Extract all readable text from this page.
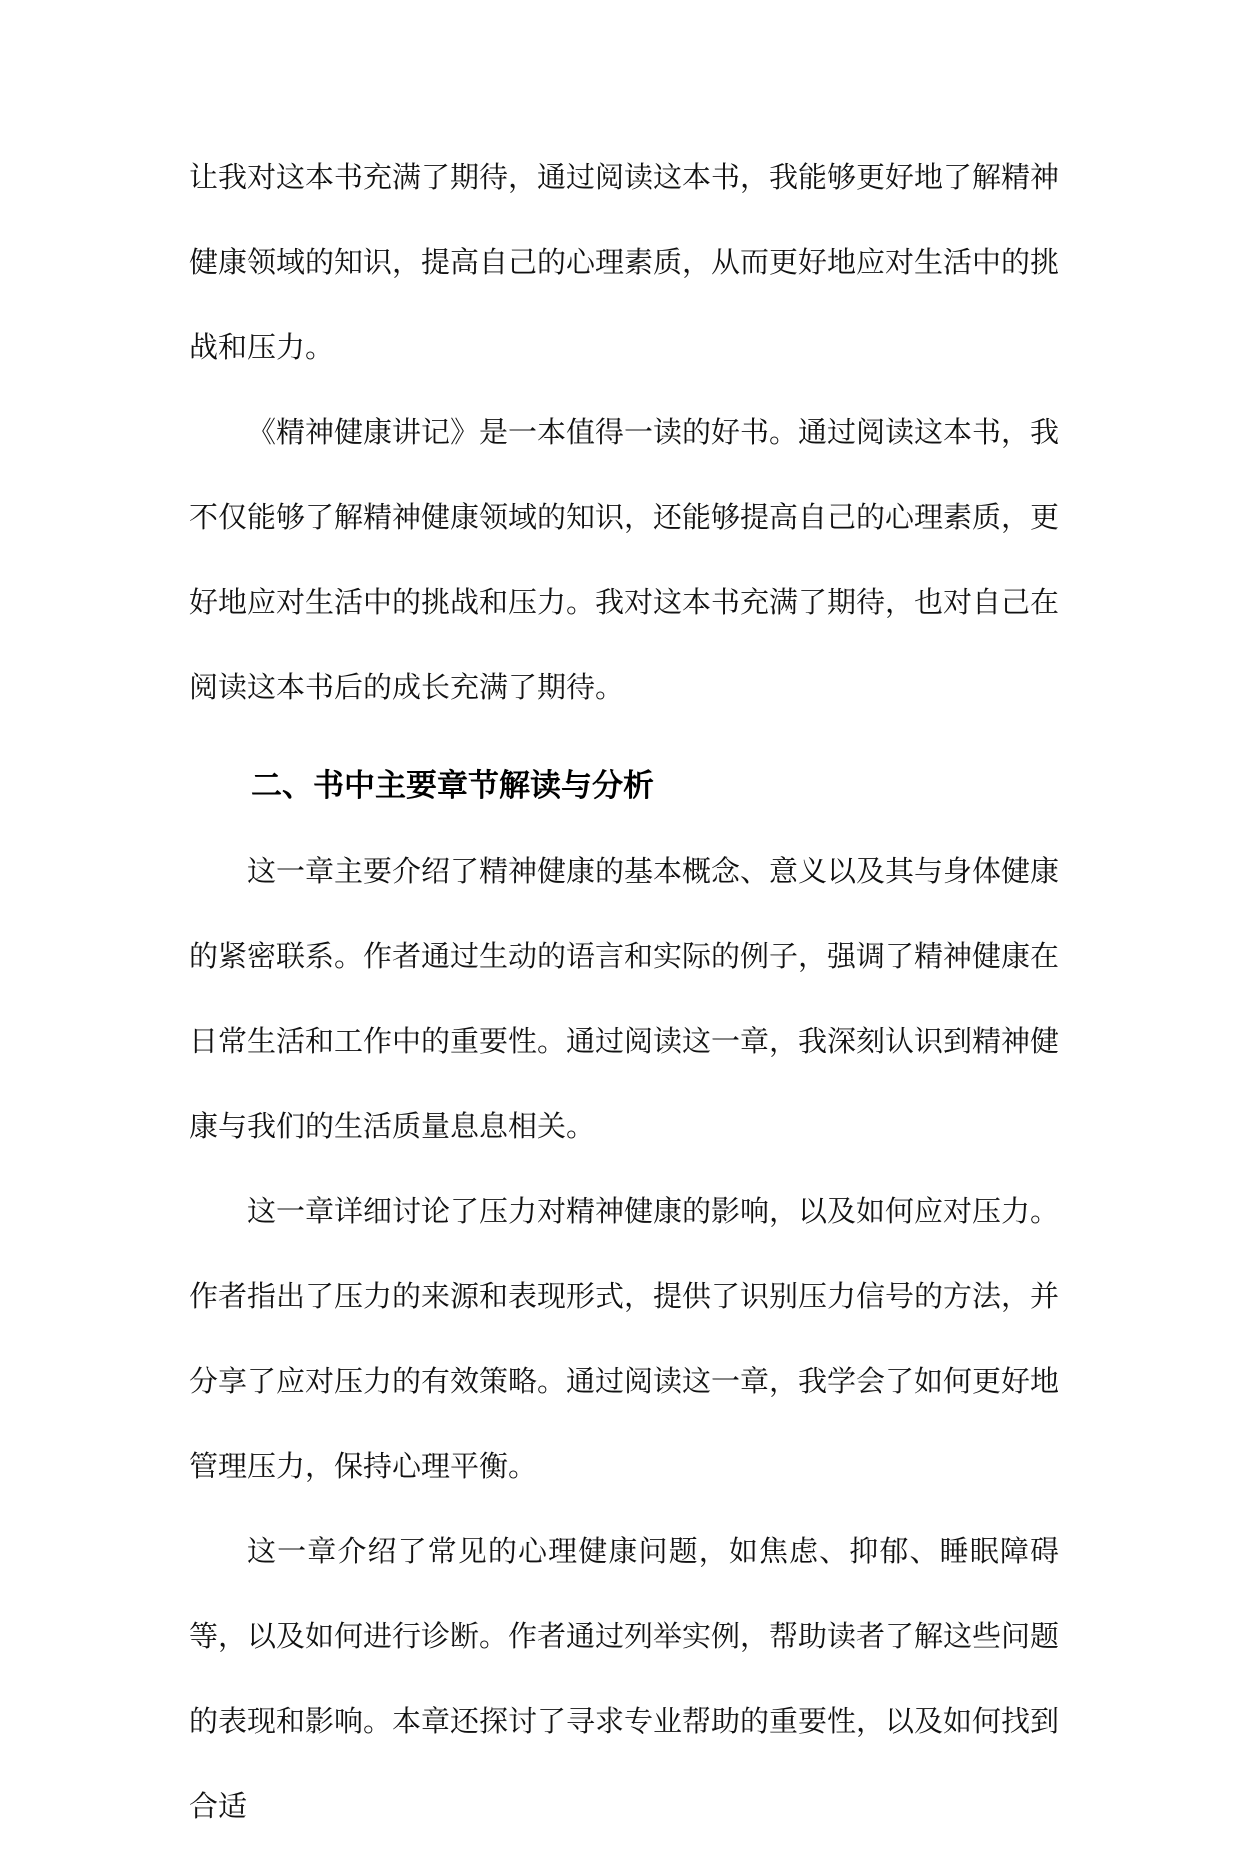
让我对这本书充满了期待，通过阅读这本书，我能够更好地了解精神健康领域的知识，提高自己的心理素质，从而更好地应对生活中的挑战和压力。

《精神健康讲记》是一本值得一读的好书。通过阅读这本书，我不仅能够了解精神健康领域的知识，还能够提高自己的心理素质，更好地应对生活中的挑战和压力。我对这本书充满了期待，也对自己在阅读这本书后的成长充满了期待。

二、书中主要章节解读与分析

这一章主要介绍了精神健康的基本概念、意义以及其与身体健康的紧密联系。作者通过生动的语言和实际的例子，强调了精神健康在日常生活和工作中的重要性。通过阅读这一章，我深刻认识到精神健康与我们的生活质量息息相关。

这一章详细讨论了压力对精神健康的影响，以及如何应对压力。作者指出了压力的来源和表现形式，提供了识别压力信号的方法，并分享了应对压力的有效策略。通过阅读这一章，我学会了如何更好地管理压力，保持心理平衡。

这一章介绍了常见的心理健康问题，如焦虑、抑郁、睡眠障碍等，以及如何进行诊断。作者通过列举实例，帮助读者了解这些问题的表现和影响。本章还探讨了寻求专业帮助的重要性，以及如何找到合适
